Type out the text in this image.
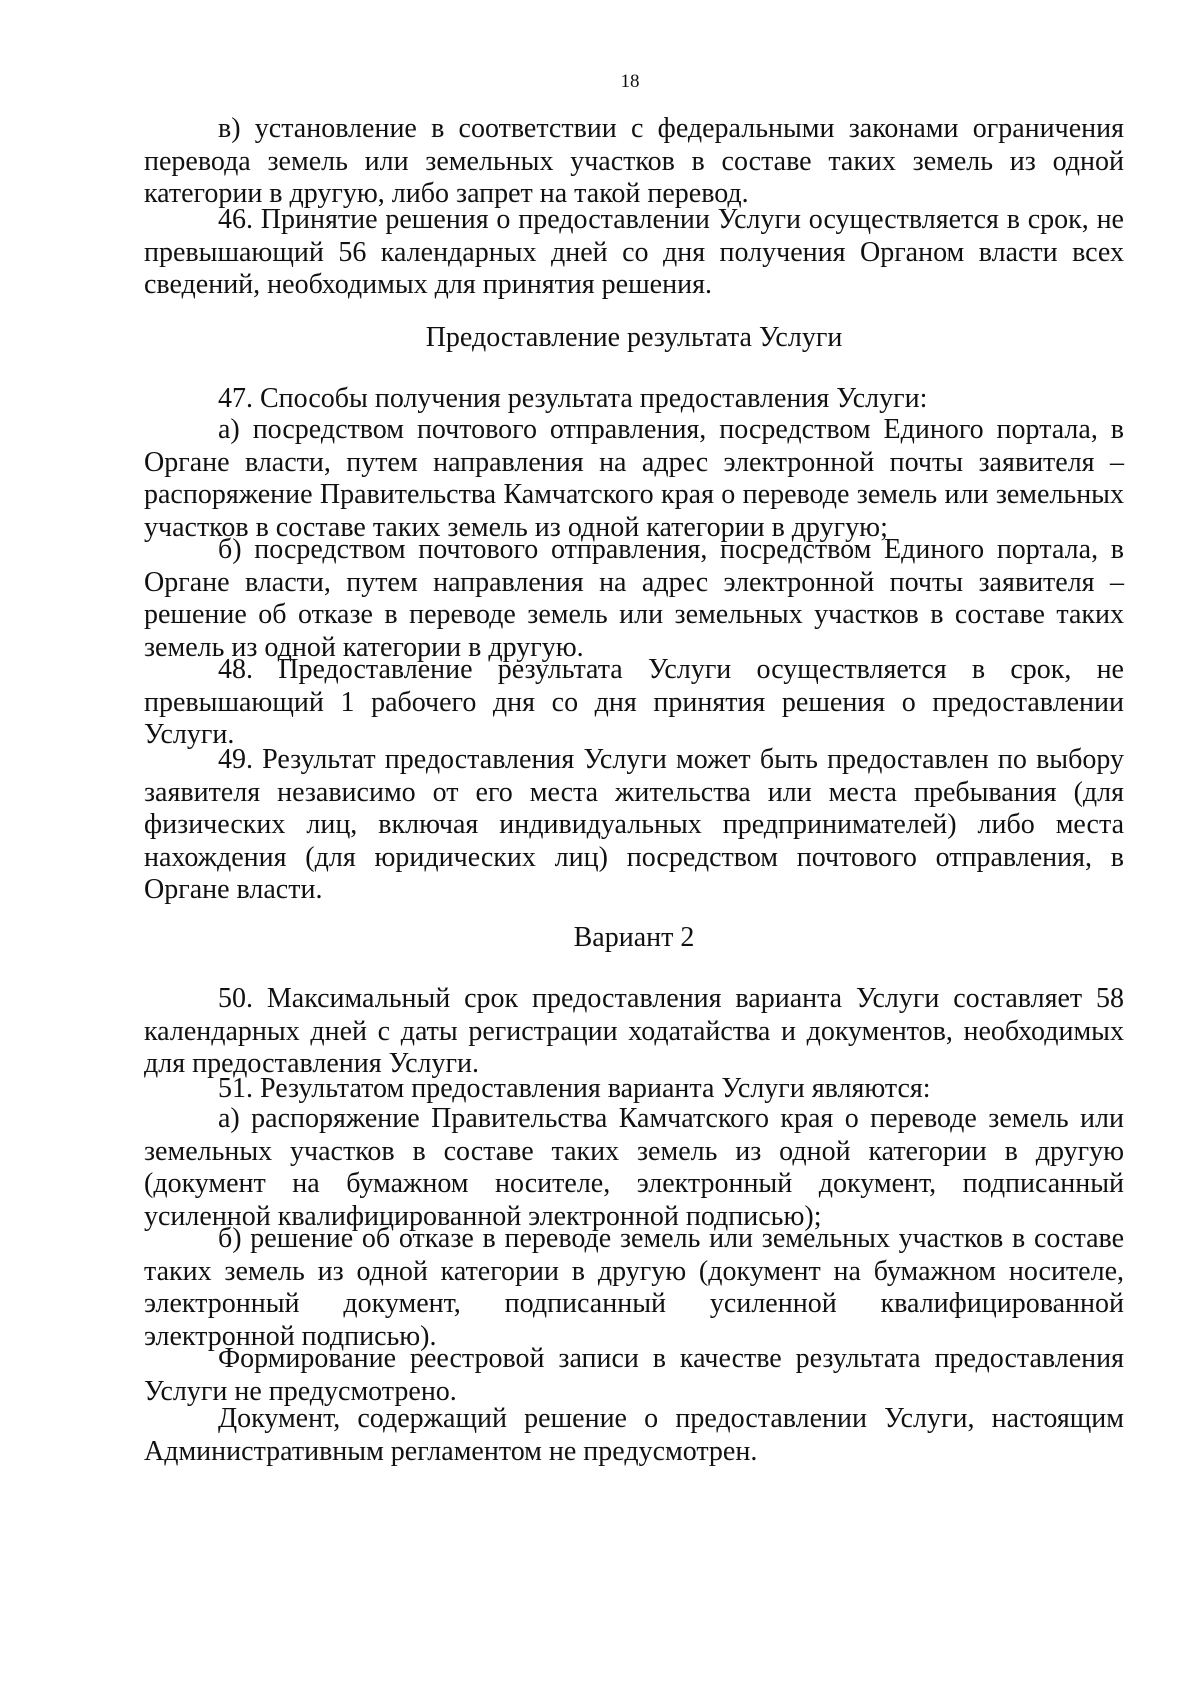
18

в) установление в соответствии с федеральными законами ограничения перевода земель или земельных участков в составе таких земель из одной категории в другую, либо запрет на такой перевод.

46. Принятие решения о предоставлении Услуги осуществляется в срок, не превышающий 56 календарных дней со дня получения Органом власти всех сведений, необходимых для принятия решения.

Предоставление результата Услуги

47. Способы получения результата предоставления Услуги:

а) посредством почтового отправления, посредством Единого портала, в Органе власти, путем направления на адрес электронной почты заявителя – распоряжение Правительства Камчатского края о переводе земель или земельных участков в составе таких земель из одной категории в другую;

б) посредством почтового отправления, посредством Единого портала, в Органе власти, путем направления на адрес электронной почты заявителя – решение об отказе в переводе земель или земельных участков в составе таких земель из одной категории в другую.

48. Предоставление результата Услуги осуществляется в срок, не превышающий 1 рабочего дня со дня принятия решения о предоставлении Услуги.

49. Результат предоставления Услуги может быть предоставлен по выбору заявителя независимо от его места жительства или места пребывания (для физических лиц, включая индивидуальных предпринимателей) либо места нахождения (для юридических лиц) посредством почтового отправления, в Органе власти.

Вариант 2

50. Максимальный срок предоставления варианта Услуги составляет 58 календарных дней с даты регистрации ходатайства и документов, необходимых для предоставления Услуги.

51. Результатом предоставления варианта Услуги являются:

а) распоряжение Правительства Камчатского края о переводе земель или земельных участков в составе таких земель из одной категории в другую (документ на бумажном носителе, электронный документ, подписанный усиленной квалифицированной электронной подписью);

б) решение об отказе в переводе земель или земельных участков в составе таких земель из одной категории в другую (документ на бумажном носителе, электронный документ, подписанный усиленной квалифицированной электронной подписью).

Формирование реестровой записи в качестве результата предоставления Услуги не предусмотрено.

Документ, содержащий решение о предоставлении Услуги, настоящим Административным регламентом не предусмотрен.
